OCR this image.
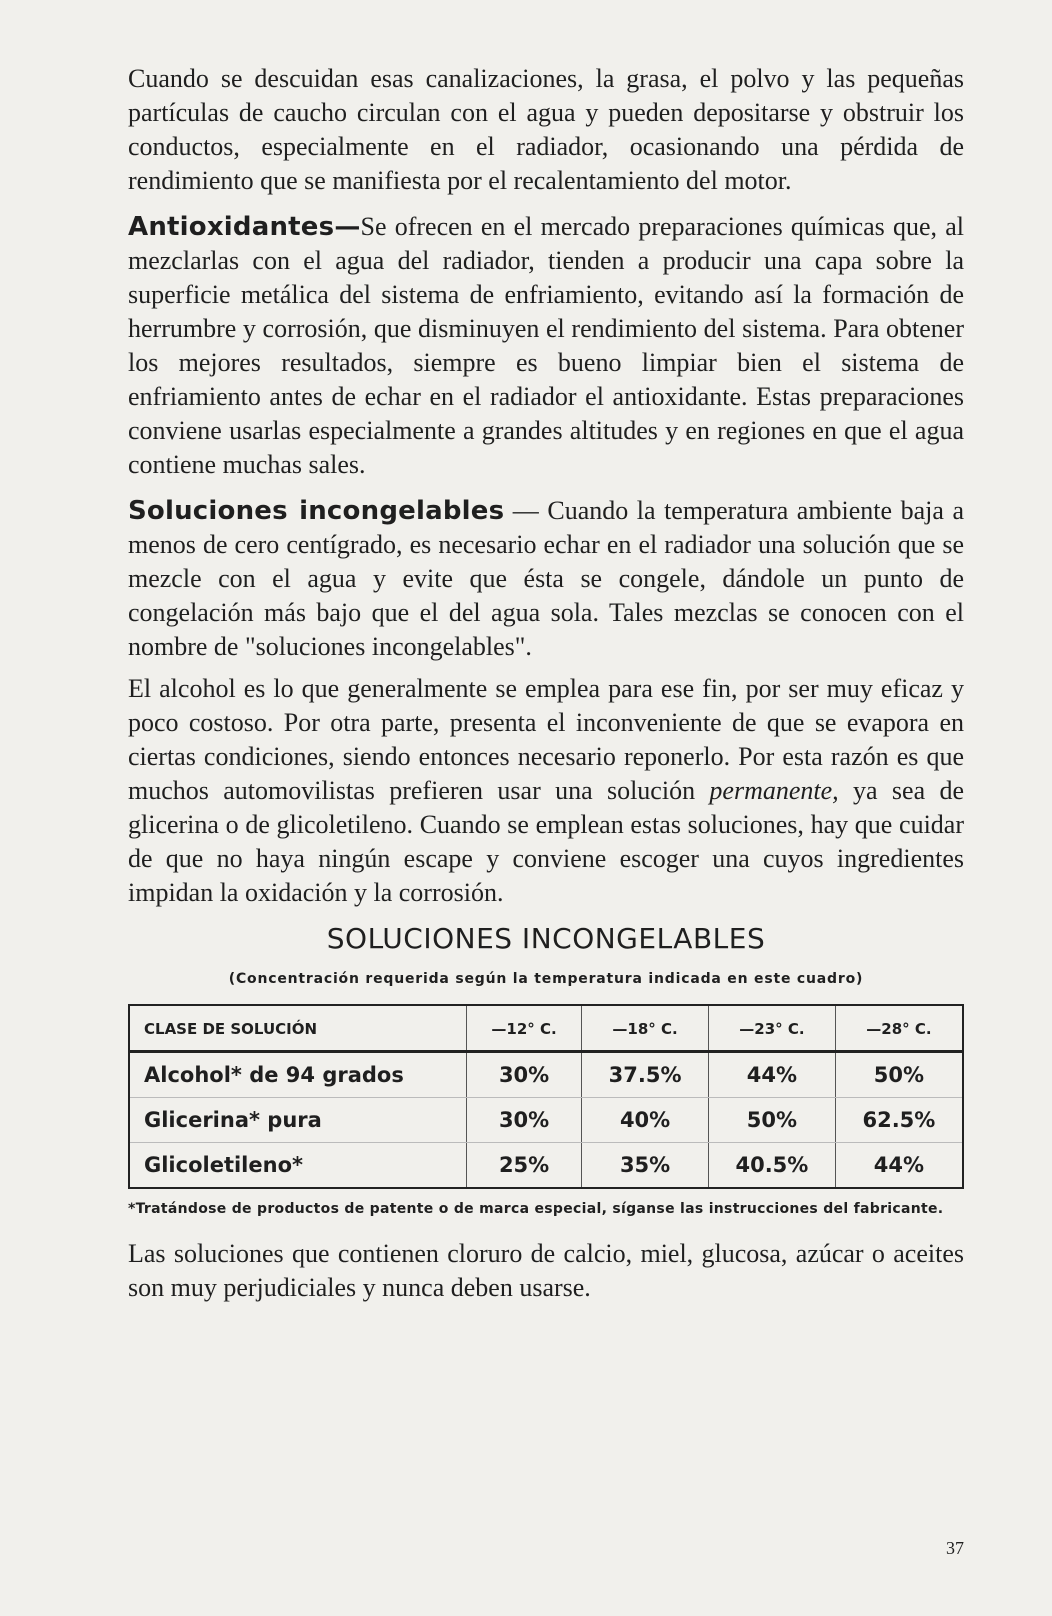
Cuando se descuidan esas canalizaciones, la grasa, el polvo y las pequeñas partículas de caucho circulan con el agua y pueden depositarse y obstruir los conductos, especialmente en el radiador, ocasionando una pérdida de rendimiento que se manifiesta por el recalentamiento del motor.

Antioxidantes—Se ofrecen en el mercado preparaciones químicas que, al mezclarlas con el agua del radiador, tienden a producir una capa sobre la superficie metálica del sistema de enfriamiento, evitando así la formación de herrumbre y corrosión, que disminuyen el rendimiento del sistema. Para obtener los mejores resultados, siempre es bueno limpiar bien el sistema de enfriamiento antes de echar en el radiador el antioxidante. Estas preparaciones conviene usarlas especialmente a grandes altitudes y en regiones en que el agua contiene muchas sales.

Soluciones incongelables — Cuando la temperatura ambiente baja a menos de cero centígrado, es necesario echar en el radiador una solución que se mezcle con el agua y evite que ésta se congele, dándole un punto de congelación más bajo que el del agua sola. Tales mezclas se conocen con el nombre de "soluciones incongelables".

El alcohol es lo que generalmente se emplea para ese fin, por ser muy eficaz y poco costoso. Por otra parte, presenta el inconveniente de que se evapora en ciertas condiciones, siendo entonces necesario reponerlo. Por esta razón es que muchos automovilistas prefieren usar una solución permanente, ya sea de glicerina o de glicoletileno. Cuando se emplean estas soluciones, hay que cuidar de que no haya ningún escape y conviene escoger una cuyos ingredientes impidan la oxidación y la corrosión.

SOLUCIONES INCONGELABLES
(Concentración requerida según la temperatura indicada en este cuadro)
CLASE DE SOLUCIÓN	—12° C.	—18° C.	—23° C.	—28° C.
Alcohol* de 94 grados	30%	37.5%	44%	50%
Glicerina* pura	30%	40%	50%	62.5%
Glicoletileno*	25%	35%	40.5%	44%
*Tratándose de productos de patente o de marca especial, síganse las instrucciones del fabricante.

Las soluciones que contienen cloruro de calcio, miel, glucosa, azúcar o aceites son muy perjudiciales y nunca deben usarse.

37
